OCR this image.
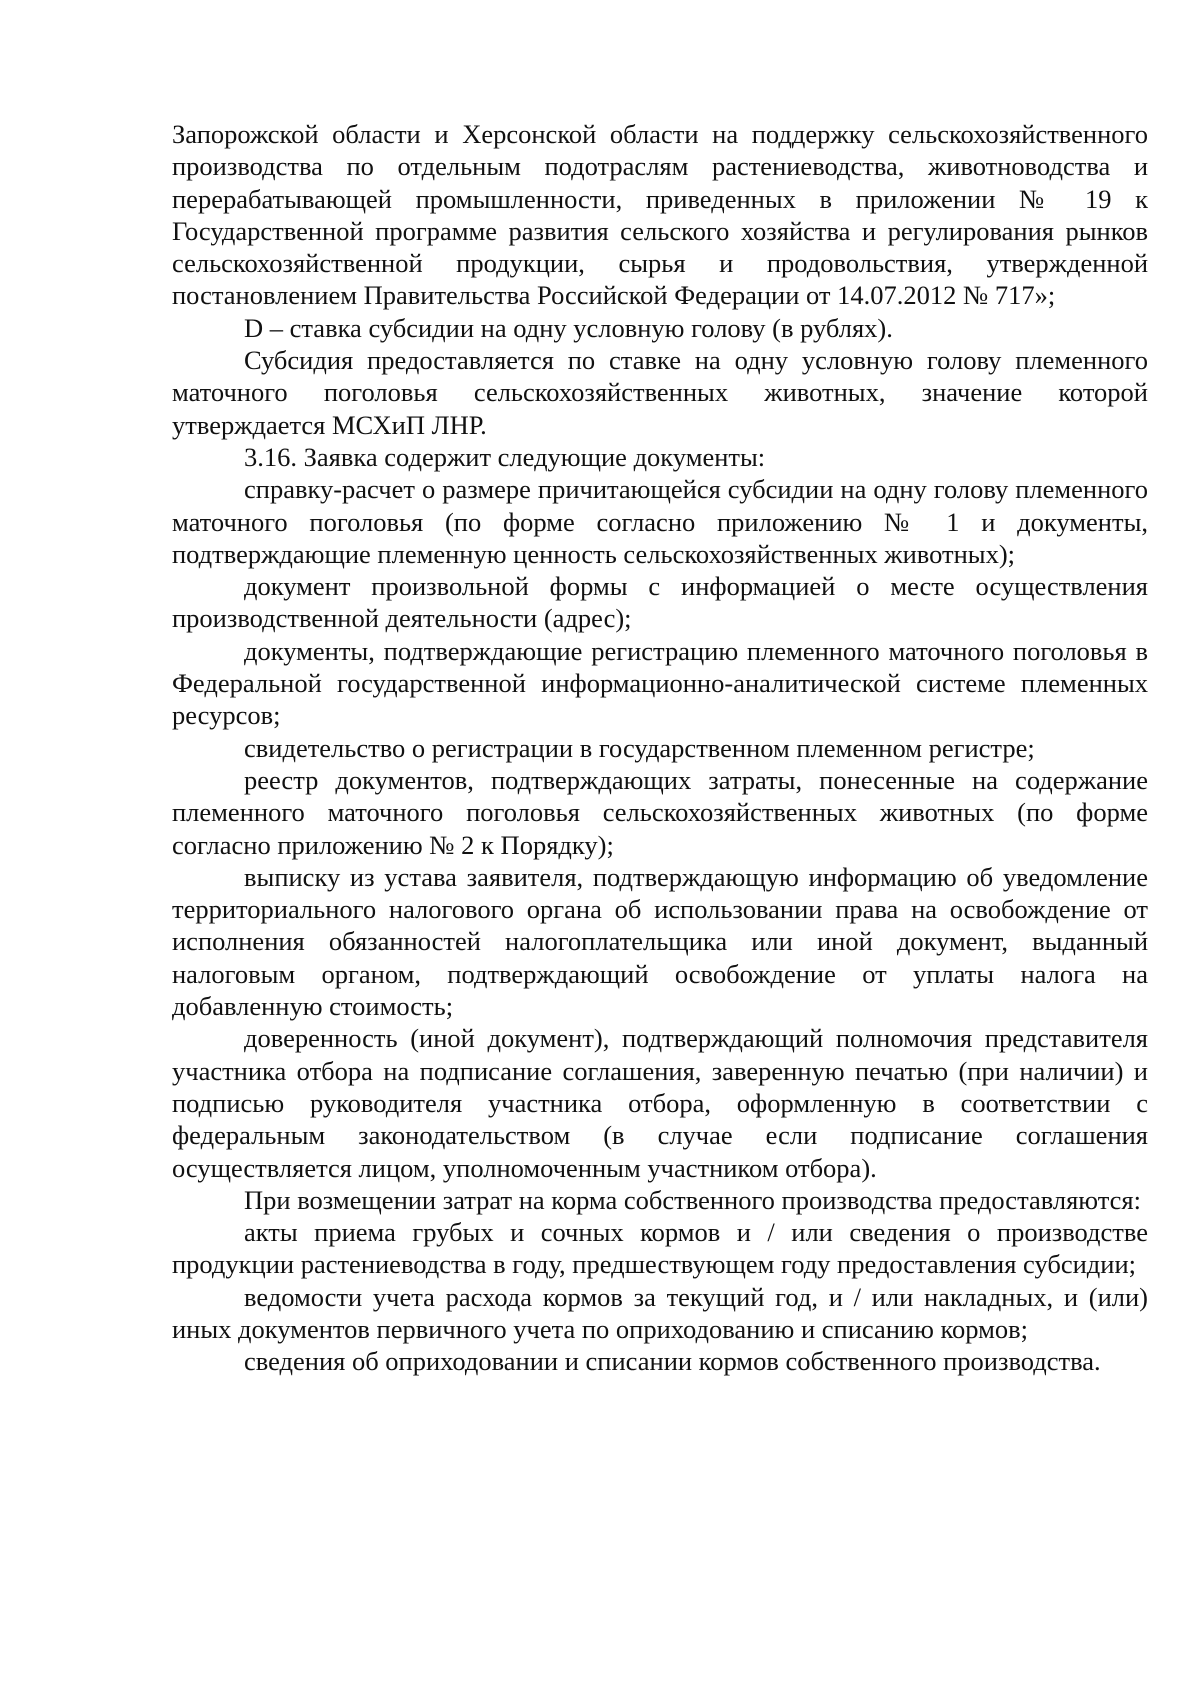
Запорожской области и Херсонской области на поддержку сельскохозяйственного производства по отдельным подотраслям растениеводства, животноводства и перерабатывающей промышленности, приведенных в приложении № 19 к Государственной программе развития сельского хозяйства и регулирования рынков сельскохозяйственной продукции, сырья и продовольствия, утвержденной постановлением Правительства Российской Федерации от 14.07.2012 № 717»;

D – ставка субсидии на одну условную голову (в рублях).

Субсидия предоставляется по ставке на одну условную голову племенного маточного поголовья сельскохозяйственных животных, значение которой утверждается МСХиП ЛНР.

3.16. Заявка содержит следующие документы:

справку-расчет о размере причитающейся субсидии на одну голову племенного маточного поголовья (по форме согласно приложению № 1 и документы, подтверждающие племенную ценность сельскохозяйственных животных);

документ произвольной формы с информацией о месте осуществления производственной деятельности (адрес);

документы, подтверждающие регистрацию племенного маточного поголовья в Федеральной государственной информационно-аналитической системе племенных ресурсов;

свидетельство о регистрации в государственном племенном регистре;

реестр документов, подтверждающих затраты, понесенные на содержание племенного маточного поголовья сельскохозяйственных животных (по форме согласно приложению № 2 к Порядку);

выписку из устава заявителя, подтверждающую информацию об уведомление территориального налогового органа об использовании права на освобождение от исполнения обязанностей налогоплательщика или иной документ, выданный налоговым органом, подтверждающий освобождение от уплаты налога на добавленную стоимость;

доверенность (иной документ), подтверждающий полномочия представителя участника отбора на подписание соглашения, заверенную печатью (при наличии) и подписью руководителя участника отбора, оформленную в соответствии с федеральным законодательством (в случае если подписание соглашения осуществляется лицом, уполномоченным участником отбора).

При возмещении затрат на корма собственного производства предоставляются:

акты приема грубых и сочных кормов и / или сведения о производстве продукции растениеводства в году, предшествующем году предоставления субсидии;

ведомости учета расхода кормов за текущий год, и / или накладных, и (или) иных документов первичного учета по оприходованию и списанию кормов;

сведения об оприходовании и списании кормов собственного производства.
